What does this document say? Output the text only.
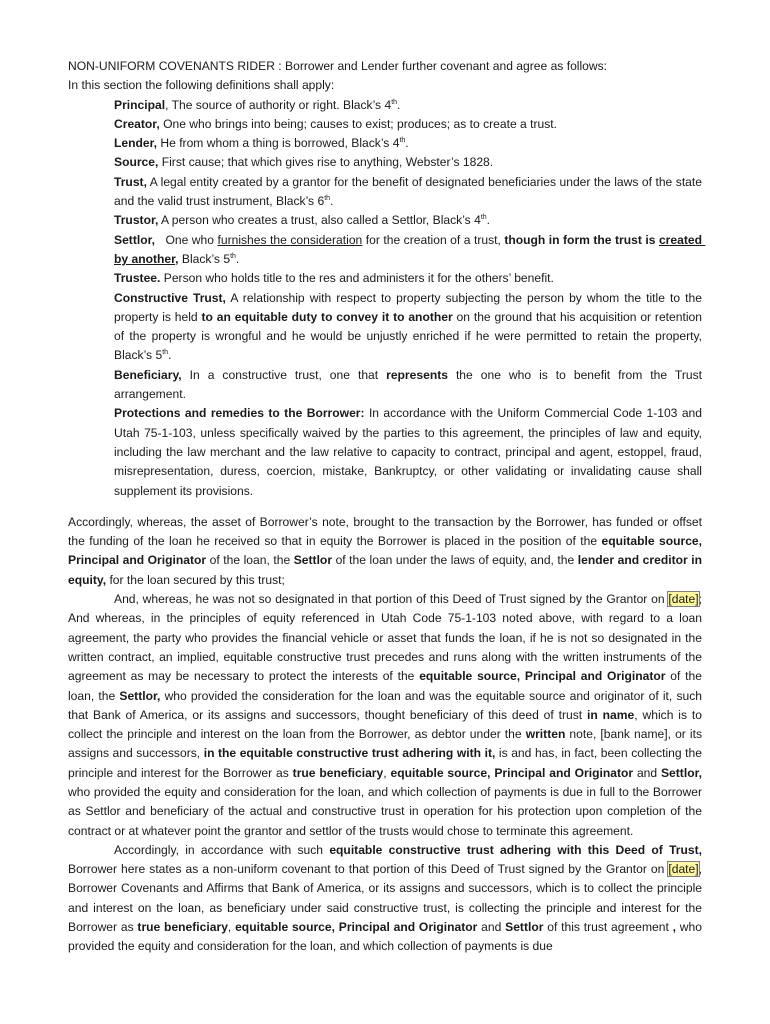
NON-UNIFORM COVENANTS RIDER : Borrower and Lender further covenant and agree as follows:
In this section the following definitions shall apply:
Principal, The source of authority or right. Black’s 4th.
Creator, One who brings into being; causes to exist; produces; as to create a trust.
Lender, He from whom a thing is borrowed, Black’s 4th.
Source, First cause; that which gives rise to anything, Webster’s 1828.
Trust, A legal entity created by a grantor for the benefit of designated beneficiaries under the laws of the state and the valid trust instrument, Black’s 6th.
Trustor, A person who creates a trust, also called a Settlor, Black’s 4th.
Settlor,   One who furnishes the consideration for the creation of a trust, though in form the trust is created by another, Black’s 5th.
Trustee. Person who holds title to the res and administers it for the others’ benefit.
Constructive Trust, A relationship with respect to property subjecting the person by whom the title to the property is held to an equitable duty to convey it to another on the ground that his acquisition or retention of the property is wrongful and he would be unjustly enriched if he were permitted to retain the property, Black’s 5th.
Beneficiary, In a constructive trust, one that represents the one who is to benefit from the Trust arrangement.
Protections and remedies to the Borrower: In accordance with the Uniform Commercial Code 1-103 and Utah 75-1-103, unless specifically waived by the parties to this agreement, the principles of law and equity, including the law merchant and the law relative to capacity to contract, principal and agent, estoppel, fraud, misrepresentation, duress, coercion, mistake, Bankruptcy, or other validating or invalidating cause shall supplement its provisions.
Accordingly, whereas, the asset of Borrower’s note, brought to the transaction by the Borrower, has funded or offset the funding of the loan he received so that in equity the Borrower is placed in the position of the equitable source, Principal and Originator of the loan, the Settlor of the loan under the laws of equity, and, the lender and creditor in equity, for the loan secured by this trust;
And, whereas, he was not so designated in that portion of this Deed of Trust signed by the Grantor on [date]; And whereas, in the principles of equity referenced in Utah Code 75-1-103 noted above, with regard to a loan agreement, the party who provides the financial vehicle or asset that funds the loan, if he is not so designated in the written contract, an implied, equitable constructive trust precedes and runs along with the written instruments of the agreement as may be necessary to protect the interests of the equitable source, Principal and Originator of the loan, the Settlor, who provided the consideration for the loan and was the equitable source and originator of it, such that Bank of America, or its assigns and successors, thought beneficiary of this deed of trust in name, which is to collect the principle and interest on the loan from the Borrower, as debtor under the written note, [bank name], or its assigns and successors, in the equitable constructive trust adhering with it, is and has, in fact, been collecting the principle and interest for the Borrower as true beneficiary, equitable source, Principal and Originator and Settlor, who provided the equity and consideration for the loan, and which collection of payments is due in full to the Borrower as Settlor and beneficiary of the actual and constructive trust in operation for his protection upon completion of the contract or at whatever point the grantor and settlor of the trusts would chose to terminate this agreement.
Accordingly, in accordance with such equitable constructive trust adhering with this Deed of Trust, Borrower here states as a non-uniform covenant to that portion of this Deed of Trust signed by the Grantor on [date], Borrower Covenants and Affirms that Bank of America, or its assigns and successors, which is to collect the principle and interest on the loan, as beneficiary under said constructive trust, is collecting the principle and interest for the Borrower as true beneficiary, equitable source, Principal and Originator and Settlor of this trust agreement , who provided the equity and consideration for the loan, and which collection of payments is due
